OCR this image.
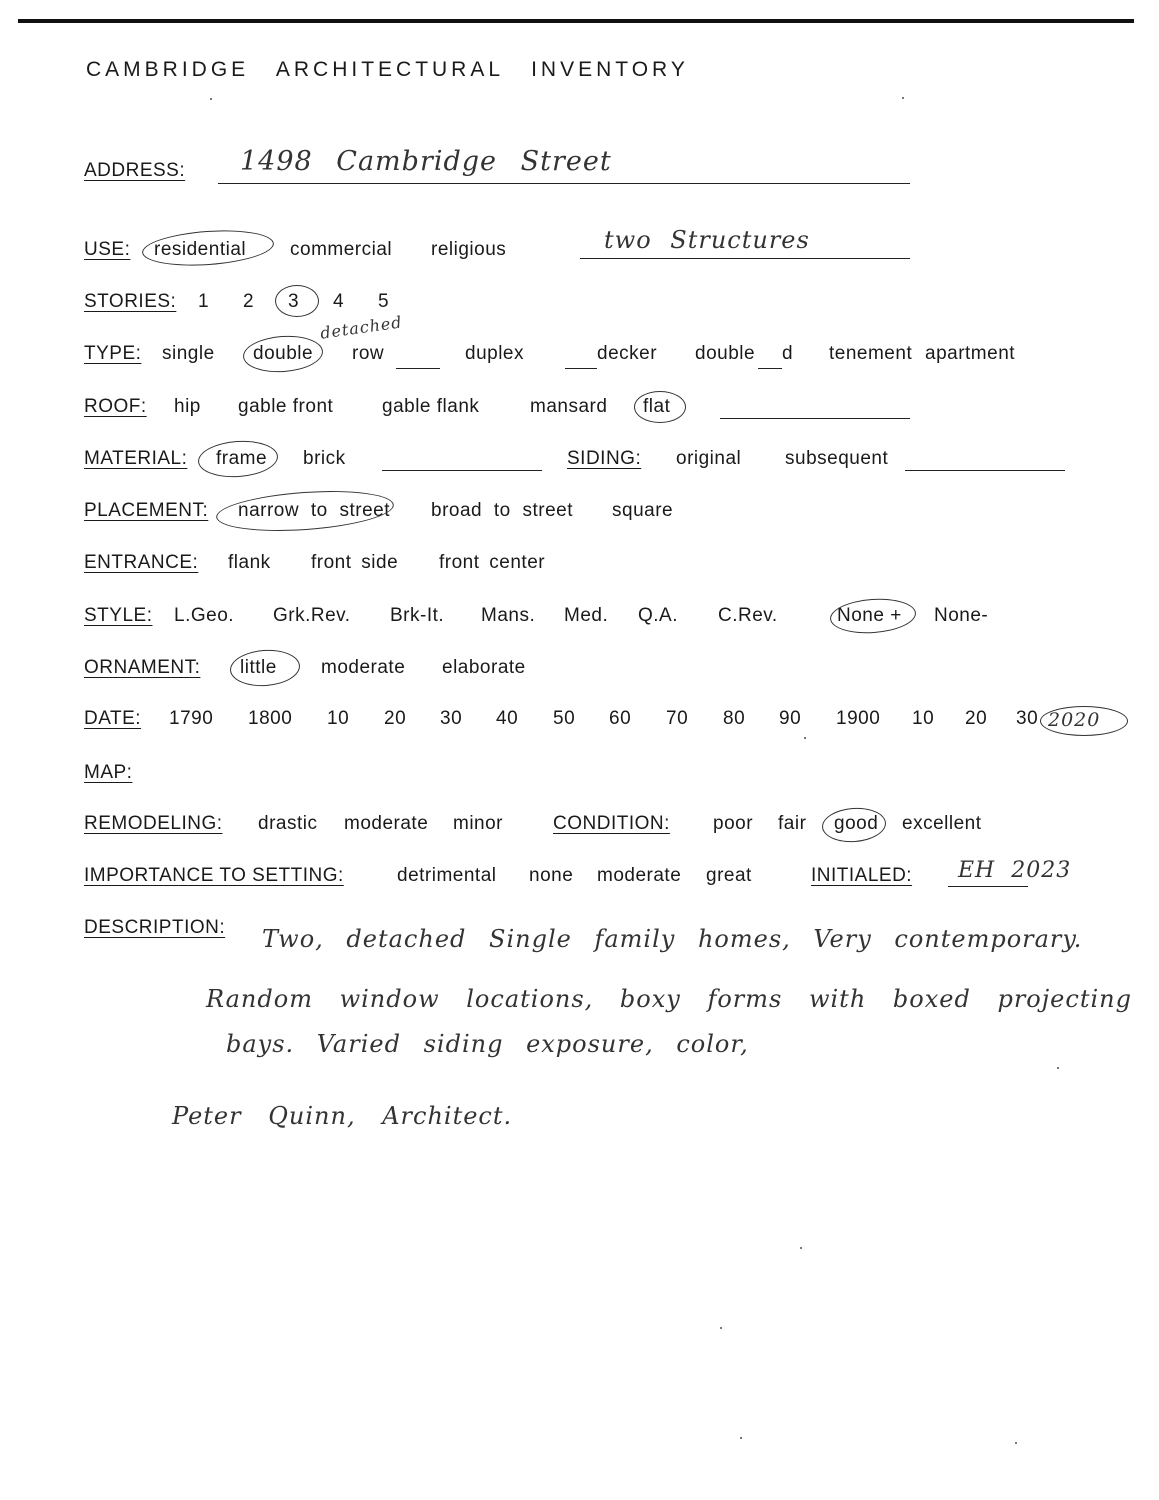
CAMBRIDGE ARCHITECTURAL INVENTORY
ADDRESS: 1498 Cambridge Street
USE: residential commercial religious	two Structures
STORIES: 1 2 3 4 5
TYPE: single double
detached
row	duplex	decker double d tenement apartment
ROOF: hip gable front	gable flank	mansard flat
MATERIAL: frame brick	SIDING: original subsequent
PLACEMENT: narrow to street broad to street square
ENTRANCE: flank front side front center
STYLE: L.Geo. Grk.Rev. Brk-It. Mans. Med. Q.A. C.Rev.	None + None-
ORNAMENT: little moderate elaborate
DATE: 1790 1800 10 20 30 40 50 60 70 80 90 1900 10 20 30 2020
MAP:
REMODELING: drastic moderate minor	CONDITION: poor fair good excellent
IMPORTANCE TO SETTING:	detrimental none moderate great	INITIALED: EH 2023
DESCRIPTION: Two, detached Single family homes, Very contemporary.
Random window locations, boxy forms with boxed projecting
bays. Varied siding exposure, color,
Peter Quinn, Architect.
